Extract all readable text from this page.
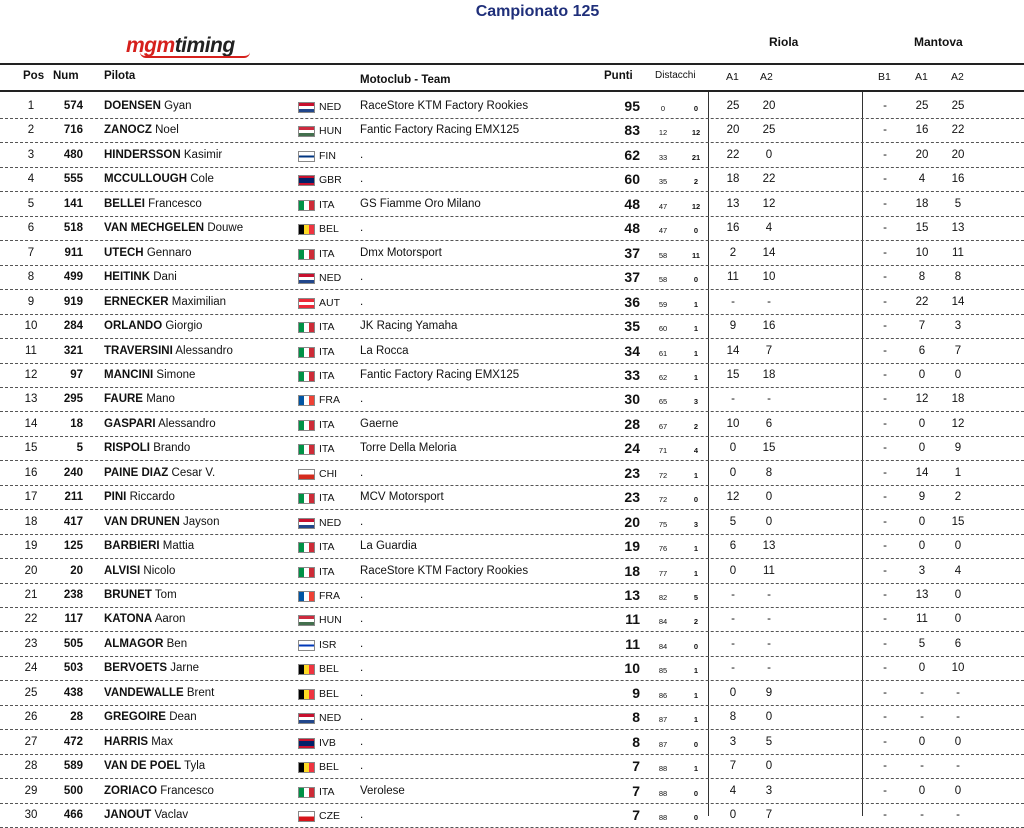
Campionato 125
mgmtiming	Riola	Mantova
Pos Num Pilota	Motoclub - Team	Punti Distacchi	A1 A2	B1 A1 A2
1	574 DOENSEN Gyan	NED RaceStore KTM Factory Rookies	95	0	0	25	20	-	25	25
2	716 ZANOCZ Noel	HUN Fantic Factory Racing EMX125	83	12	12	20	25	-	16	22
3	480 HINDERSSON Kasimir	FIN .	62	33	21	22	0	-	20	20
4	555 MCCULLOUGH Cole	GBR .	60	35	2	18	22	-	4	16
5	141 BELLEI Francesco	ITA GS Fiamme Oro Milano	48	47	12	13	12	-	18	5
6	518 VAN MECHGELEN Douwe	BEL .	48	47	0	16	4	-	15	13
7	911 UTECH Gennaro	ITA Dmx Motorsport	37	58	11	2	14	-	10	11
8	499 HEITINK Dani	NED .	37	58	0	11	10	-	8	8
9	919 ERNECKER Maximilian	AUT .	36	59	1	-	-	-	22	14
10	284 ORLANDO Giorgio	ITA JK Racing Yamaha	35	60	1	9	16	-	7	3
11	321 TRAVERSINI Alessandro	ITA La Rocca	34	61	1	14	7	-	6	7
12	97 MANCINI Simone	ITA Fantic Factory Racing EMX125	33	62	1	15	18	-	0	0
13	295 FAURE Mano	FRA .	30	65	3	-	-	-	12	18
14	18 GASPARI Alessandro	ITA Gaerne	28	67	2	10	6	-	0	12
15	5 RISPOLI Brando	ITA Torre Della Meloria	24	71	4	0	15	-	0	9
16	240 PAINE DIAZ Cesar V.	CHI .	23	72	1	0	8	-	14	1
17	211 PINI Riccardo	ITA MCV Motorsport	23	72	0	12	0	-	9	2
18	417 VAN DRUNEN Jayson	NED .	20	75	3	5	0	-	0	15
19	125 BARBIERI Mattia	ITA La Guardia	19	76	1	6	13	-	0	0
20	20 ALVISI Nicolo	ITA RaceStore KTM Factory Rookies	18	77	1	0	11	-	3	4
21	238 BRUNET Tom	FRA .	13	82	5	-	-	-	13	0
22	117 KATONA Aaron	HUN .	11	84	2	-	-	-	11	0
23	505 ALMAGOR Ben	ISR .	11	84	0	-	-	-	5	6
24	503 BERVOETS Jarne	BEL .	10	85	1	-	-	-	0	10
25	438 VANDEWALLE Brent	BEL .	9	86	1	0	9	-	-	-
26	28 GREGOIRE Dean	NED .	8	87	1	8	0	-	-	-
27	472 HARRIS Max	IVB .	8	87	0	3	5	-	0	0
28	589 VAN DE POEL Tyla	BEL .	7	88	1	7	0	-	-	-
29	500 ZORIACO Francesco	ITA Verolese	7	88	0	4	3	-	0	0
30	466 JANOUT Vaclav	CZE .	7	88	0	0	7	-	-	-
